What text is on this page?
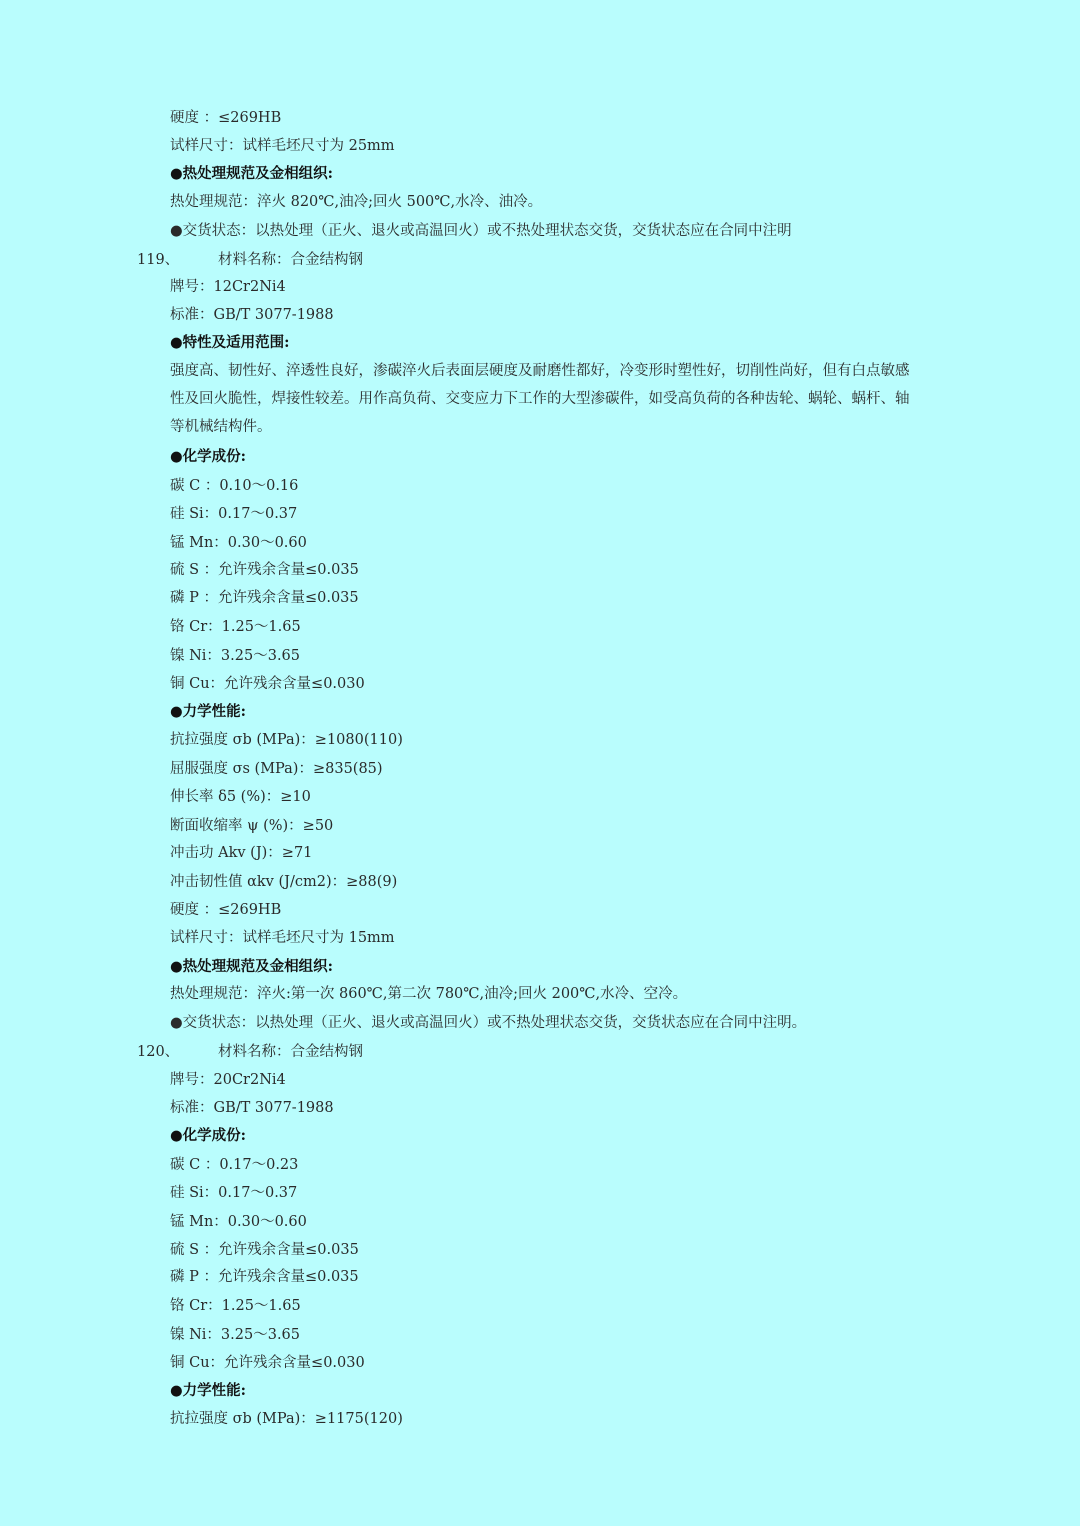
硬度 ：≤269HB
试样尺寸：试样毛坯尺寸为 25mm
●热处理规范及金相组织:
热处理规范：淬火 820℃,油冷;回火 500℃,水冷、油冷。
●交货状态：以热处理（正火、退火或高温回火）或不热处理状态交货，交货状态应在合同中注明
119、	材料名称：合金结构钢
牌号：12Cr2Ni4
标准：GB/T 3077-1988
●特性及适用范围:
强度高、韧性好、淬透性良好，渗碳淬火后表面层硬度及耐磨性都好，冷变形时塑性好，切削性尚好，但有白点敏感
性及回火脆性，焊接性较差。用作高负荷、交变应力下工作的大型渗碳件，如受高负荷的各种齿轮、蜗轮、蜗杆、轴
等机械结构件。
●化学成份:
碳 C ：0.10～0.16
硅 Si：0.17～0.37
锰 Mn：0.30～0.60
硫 S ：允许残余含量≤0.035
磷 P ：允许残余含量≤0.035
铬 Cr：1.25～1.65
镍 Ni：3.25～3.65
铜 Cu：允许残余含量≤0.030
●力学性能:
抗拉强度 σb (MPa)：≥1080(110)
屈服强度 σs (MPa)：≥835(85)
伸长率 δ5 (%)：≥10
断面收缩率 ψ (%)：≥50
冲击功 Akv (J)：≥71
冲击韧性值 αkv (J/cm2)：≥88(9)
硬度 ：≤269HB
试样尺寸：试样毛坯尺寸为 15mm
●热处理规范及金相组织:
热处理规范：淬火:第一次 860℃,第二次 780℃,油冷;回火 200℃,水冷、空冷。
●交货状态：以热处理（正火、退火或高温回火）或不热处理状态交货，交货状态应在合同中注明。
120、	材料名称：合金结构钢
牌号：20Cr2Ni4
标准：GB/T 3077-1988
●化学成份:
碳 C ：0.17～0.23
硅 Si：0.17～0.37
锰 Mn：0.30～0.60
硫 S ：允许残余含量≤0.035
磷 P ：允许残余含量≤0.035
铬 Cr：1.25～1.65
镍 Ni：3.25～3.65
铜 Cu：允许残余含量≤0.030
●力学性能:
抗拉强度 σb (MPa)：≥1175(120)
